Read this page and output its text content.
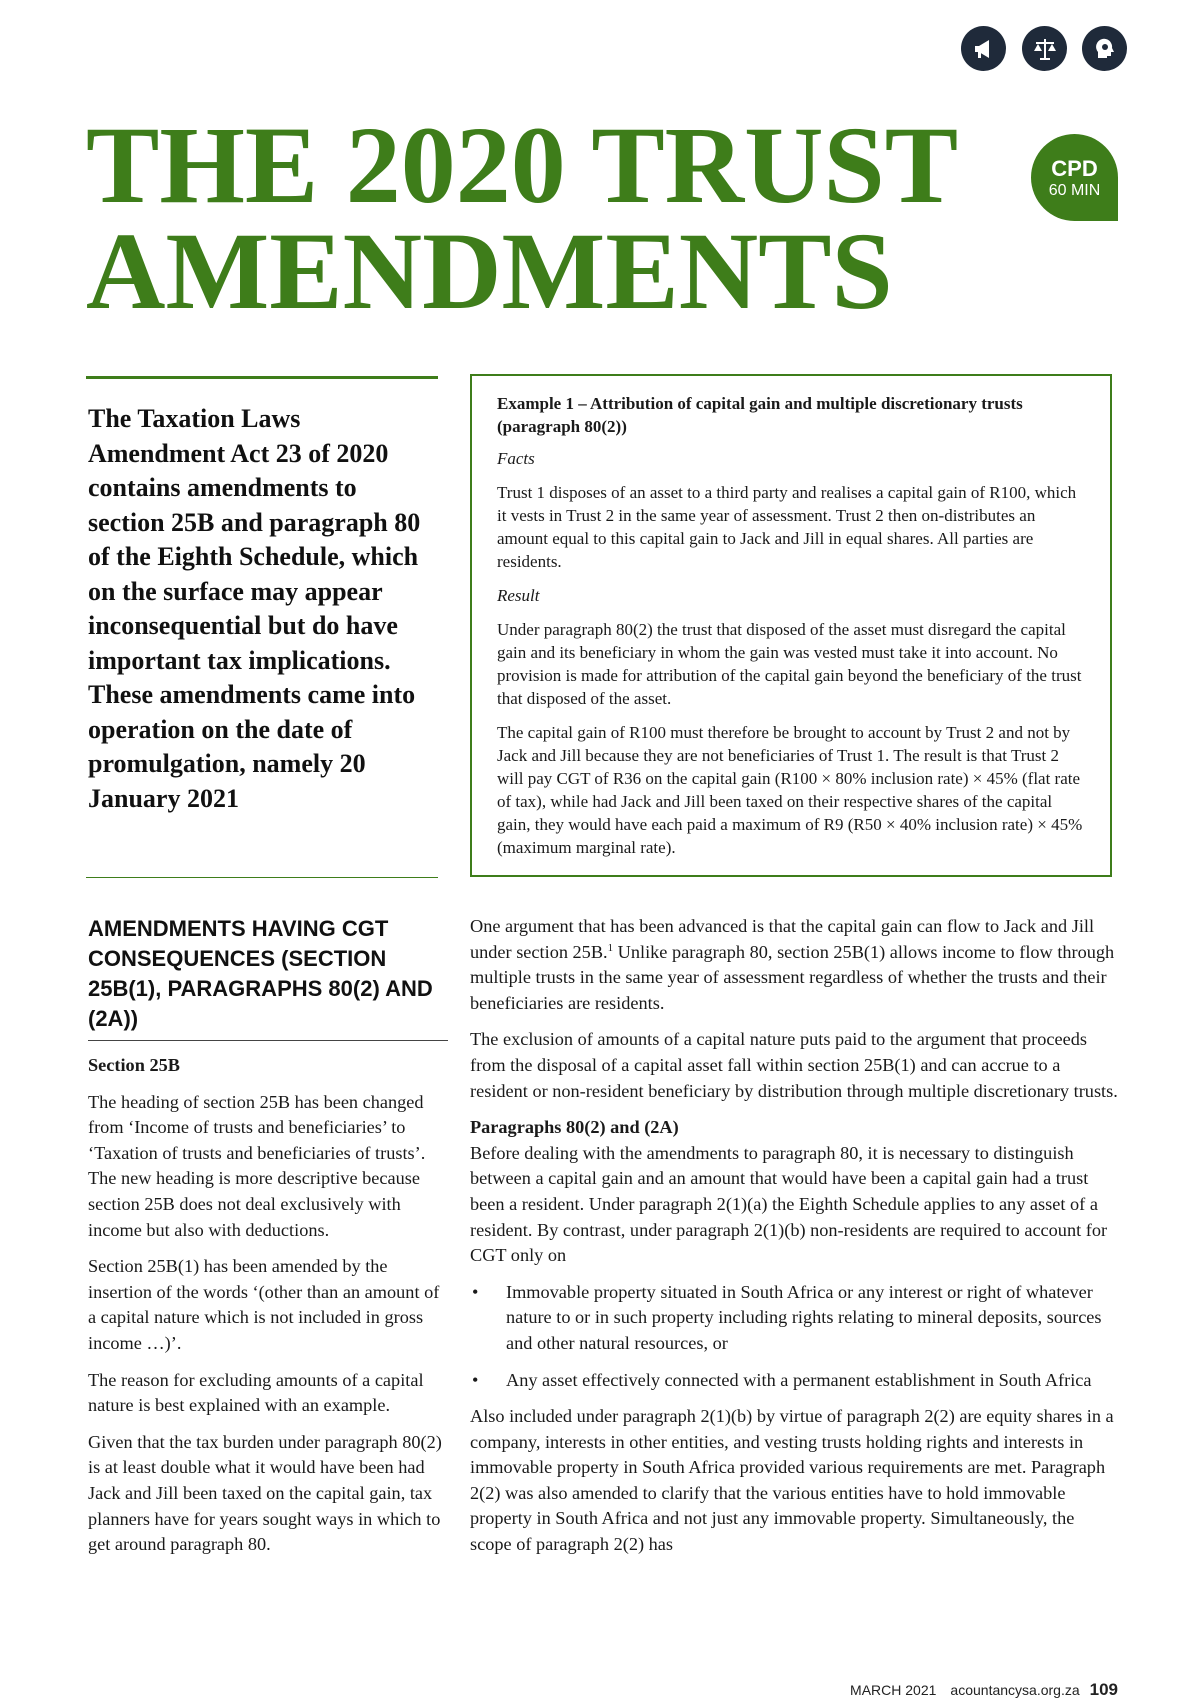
THE 2020 TRUST
AMENDMENTS
CPD
60 MIN
The Taxation Laws Amendment Act 23 of 2020 contains amendments to section 25B and paragraph 80 of the Eighth Schedule, which on the surface may appear inconsequential but do have important tax implications. These amendments came into operation on the date of promulgation, namely 20 January 2021

Example 1 – Attribution of capital gain and multiple discretionary trusts (paragraph 80(2))

Facts

Trust 1 disposes of an asset to a third party and realises a capital gain of R100, which it vests in Trust 2 in the same year of assessment. Trust 2 then on-distributes an amount equal to this capital gain to Jack and Jill in equal shares. All parties are residents.

Result

Under paragraph 80(2) the trust that disposed of the asset must disregard the capital gain and its beneficiary in whom the gain was vested must take it into account. No provision is made for attribution of the capital gain beyond the beneficiary of the trust that disposed of the asset.

The capital gain of R100 must therefore be brought to account by Trust 2 and not by Jack and Jill because they are not beneficiaries of Trust 1. The result is that Trust 2 will pay CGT of R36 on the capital gain (R100 × 80% inclusion rate) × 45% (flat rate of tax), while had Jack and Jill been taxed on their respective shares of the capital gain, they would have each paid a maximum of R9 (R50 × 40% inclusion rate) × 45% (maximum marginal rate).

AMENDMENTS HAVING CGT CONSEQUENCES (SECTION 25B(1), PARAGRAPHS 80(2) AND (2A))

Section 25B

The heading of section 25B has been changed from ‘Income of trusts and beneficiaries’ to ‘Taxation of trusts and beneficiaries of trusts’. The new heading is more descriptive because section 25B does not deal exclusively with income but also with deductions.

Section 25B(1) has been amended by the insertion of the words ‘(other than an amount of a capital nature which is not included in gross income …)’.

The reason for excluding amounts of a capital nature is best explained with an example.

Given that the tax burden under paragraph 80(2) is at least double what it would have been had Jack and Jill been taxed on the capital gain, tax planners have for years sought ways in which to get around paragraph 80.

One argument that has been advanced is that the capital gain can flow to Jack and Jill under section 25B.$^1$ Unlike paragraph 80, section 25B(1) allows income to flow through multiple trusts in the same year of assessment regardless of whether the trusts and their beneficiaries are residents.

The exclusion of amounts of a capital nature puts paid to the argument that proceeds from the disposal of a capital asset fall within section 25B(1) and can accrue to a resident or non-resident beneficiary by distribution through multiple discretionary trusts.

Paragraphs 80(2) and (2A)

Before dealing with the amendments to paragraph 80, it is necessary to distinguish between a capital gain and an amount that would have been a capital gain had a trust been a resident. Under paragraph 2(1)(a) the Eighth Schedule applies to any asset of a resident. By contrast, under paragraph 2(1)(b) non-residents are required to account for CGT only on

• Immovable property situated in South Africa or any interest or right of whatever nature to or in such property including rights relating to mineral deposits, sources and other natural resources, or
• Any asset effectively connected with a permanent establishment in South Africa

Also included under paragraph 2(1)(b) by virtue of paragraph 2(2) are equity shares in a company, interests in other entities, and vesting trusts holding rights and interests in immovable property in South Africa provided various requirements are met. Paragraph 2(2) was also amended to clarify that the various entities have to hold immovable property in South Africa and not just any immovable property. Simultaneously, the scope of paragraph 2(2) has

MARCH 2021 acountancysa.org.za 109
